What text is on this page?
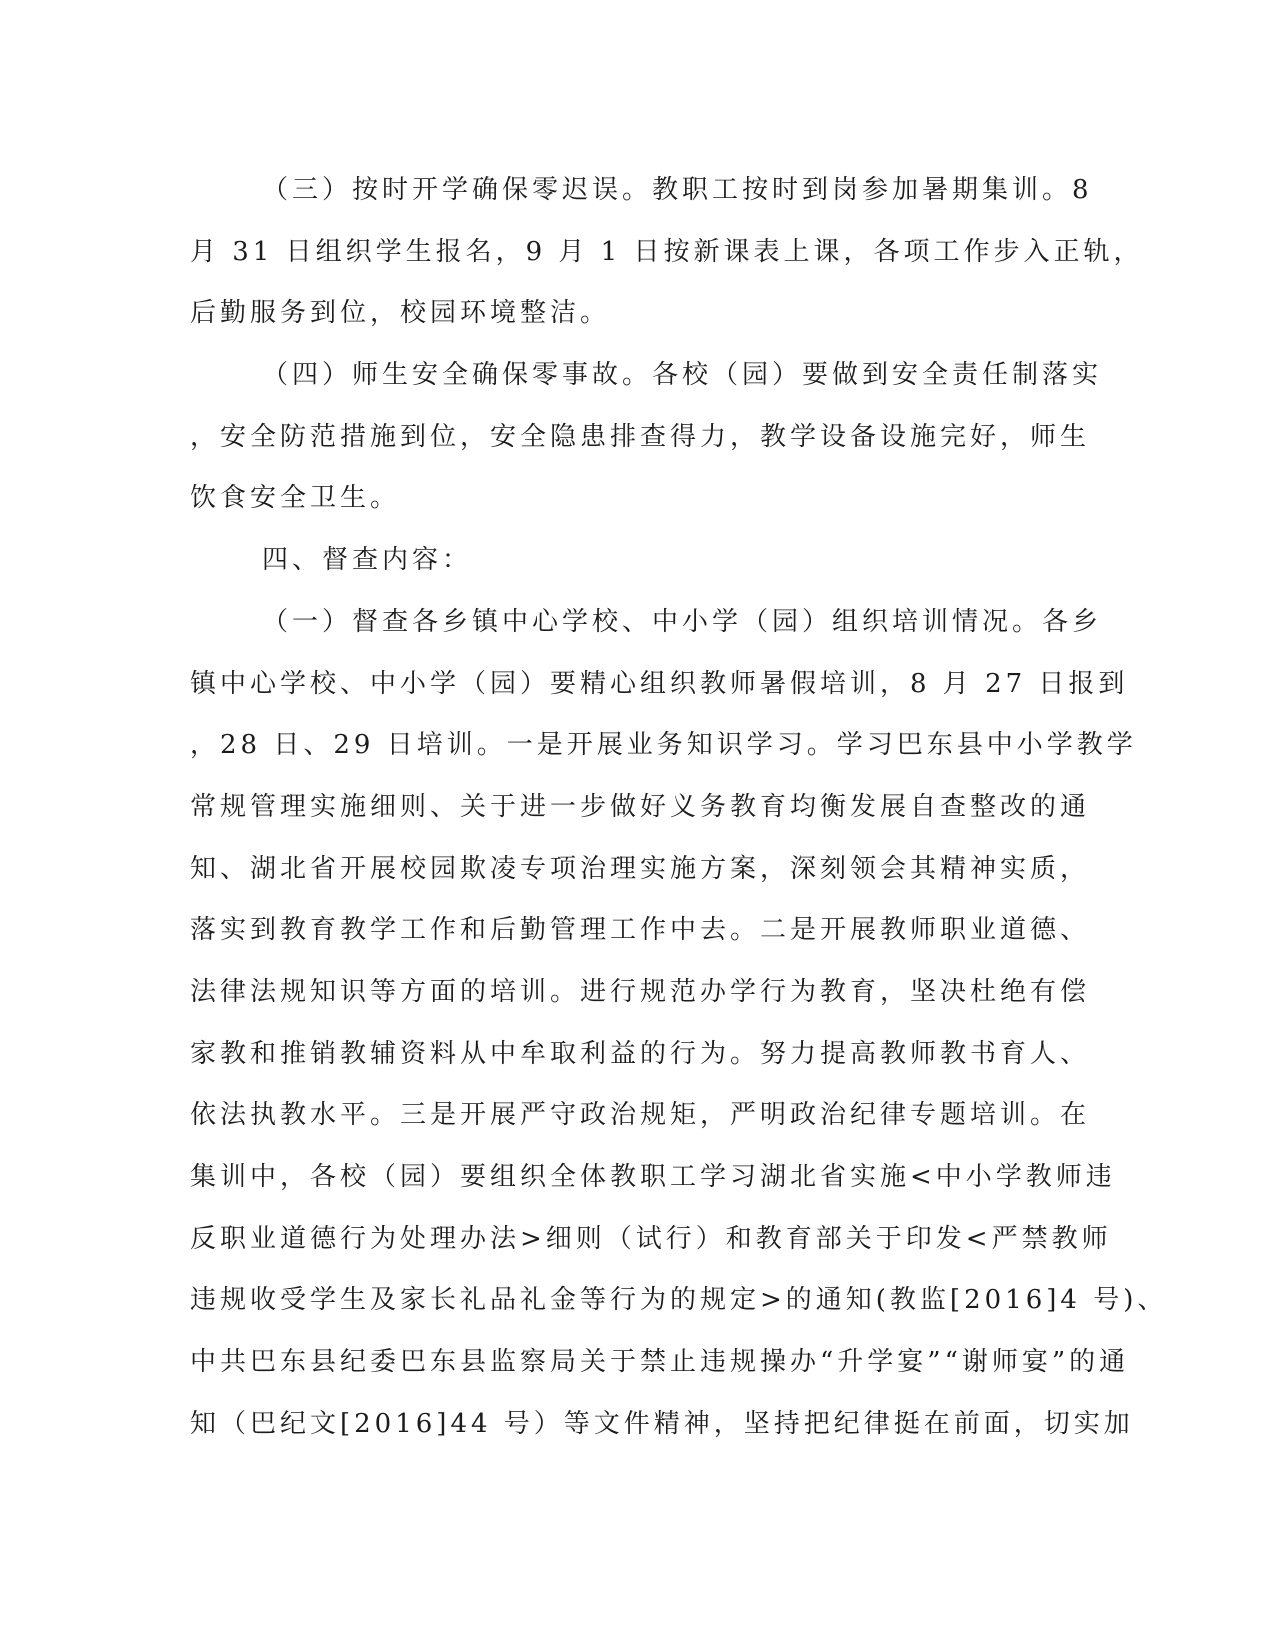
（三）按时开学确保零迟误。教职工按时到岗参加暑期集训。8
月 31 日组织学生报名，9 月 1 日按新课表上课，各项工作步入正轨，
后勤服务到位，校园环境整洁。
（四）师生安全确保零事故。各校（园）要做到安全责任制落实
，安全防范措施到位，安全隐患排查得力，教学设备设施完好，师生
饮食安全卫生。
四、督查内容：
（一）督查各乡镇中心学校、中小学（园）组织培训情况。各乡
镇中心学校、中小学（园）要精心组织教师暑假培训，8 月 27 日报到
，28 日、29 日培训。一是开展业务知识学习。学习巴东县中小学教学
常规管理实施细则、关于进一步做好义务教育均衡发展自查整改的通
知、湖北省开展校园欺凌专项治理实施方案，深刻领会其精神实质，
落实到教育教学工作和后勤管理工作中去。二是开展教师职业道德、
法律法规知识等方面的培训。进行规范办学行为教育，坚决杜绝有偿
家教和推销教辅资料从中牟取利益的行为。努力提高教师教书育人、
依法执教水平。三是开展严守政治规矩，严明政治纪律专题培训。在
集训中，各校（园）要组织全体教职工学习湖北省实施<中小学教师违
反职业道德行为处理办法>细则（试行）和教育部关于印发<严禁教师
违规收受学生及家长礼品礼金等行为的规定>的通知(教监[2016]4 号)、
中共巴东县纪委巴东县监察局关于禁止违规操办“升学宴”“谢师宴”的通
知（巴纪文[2016]44 号）等文件精神，坚持把纪律挺在前面，切实加
